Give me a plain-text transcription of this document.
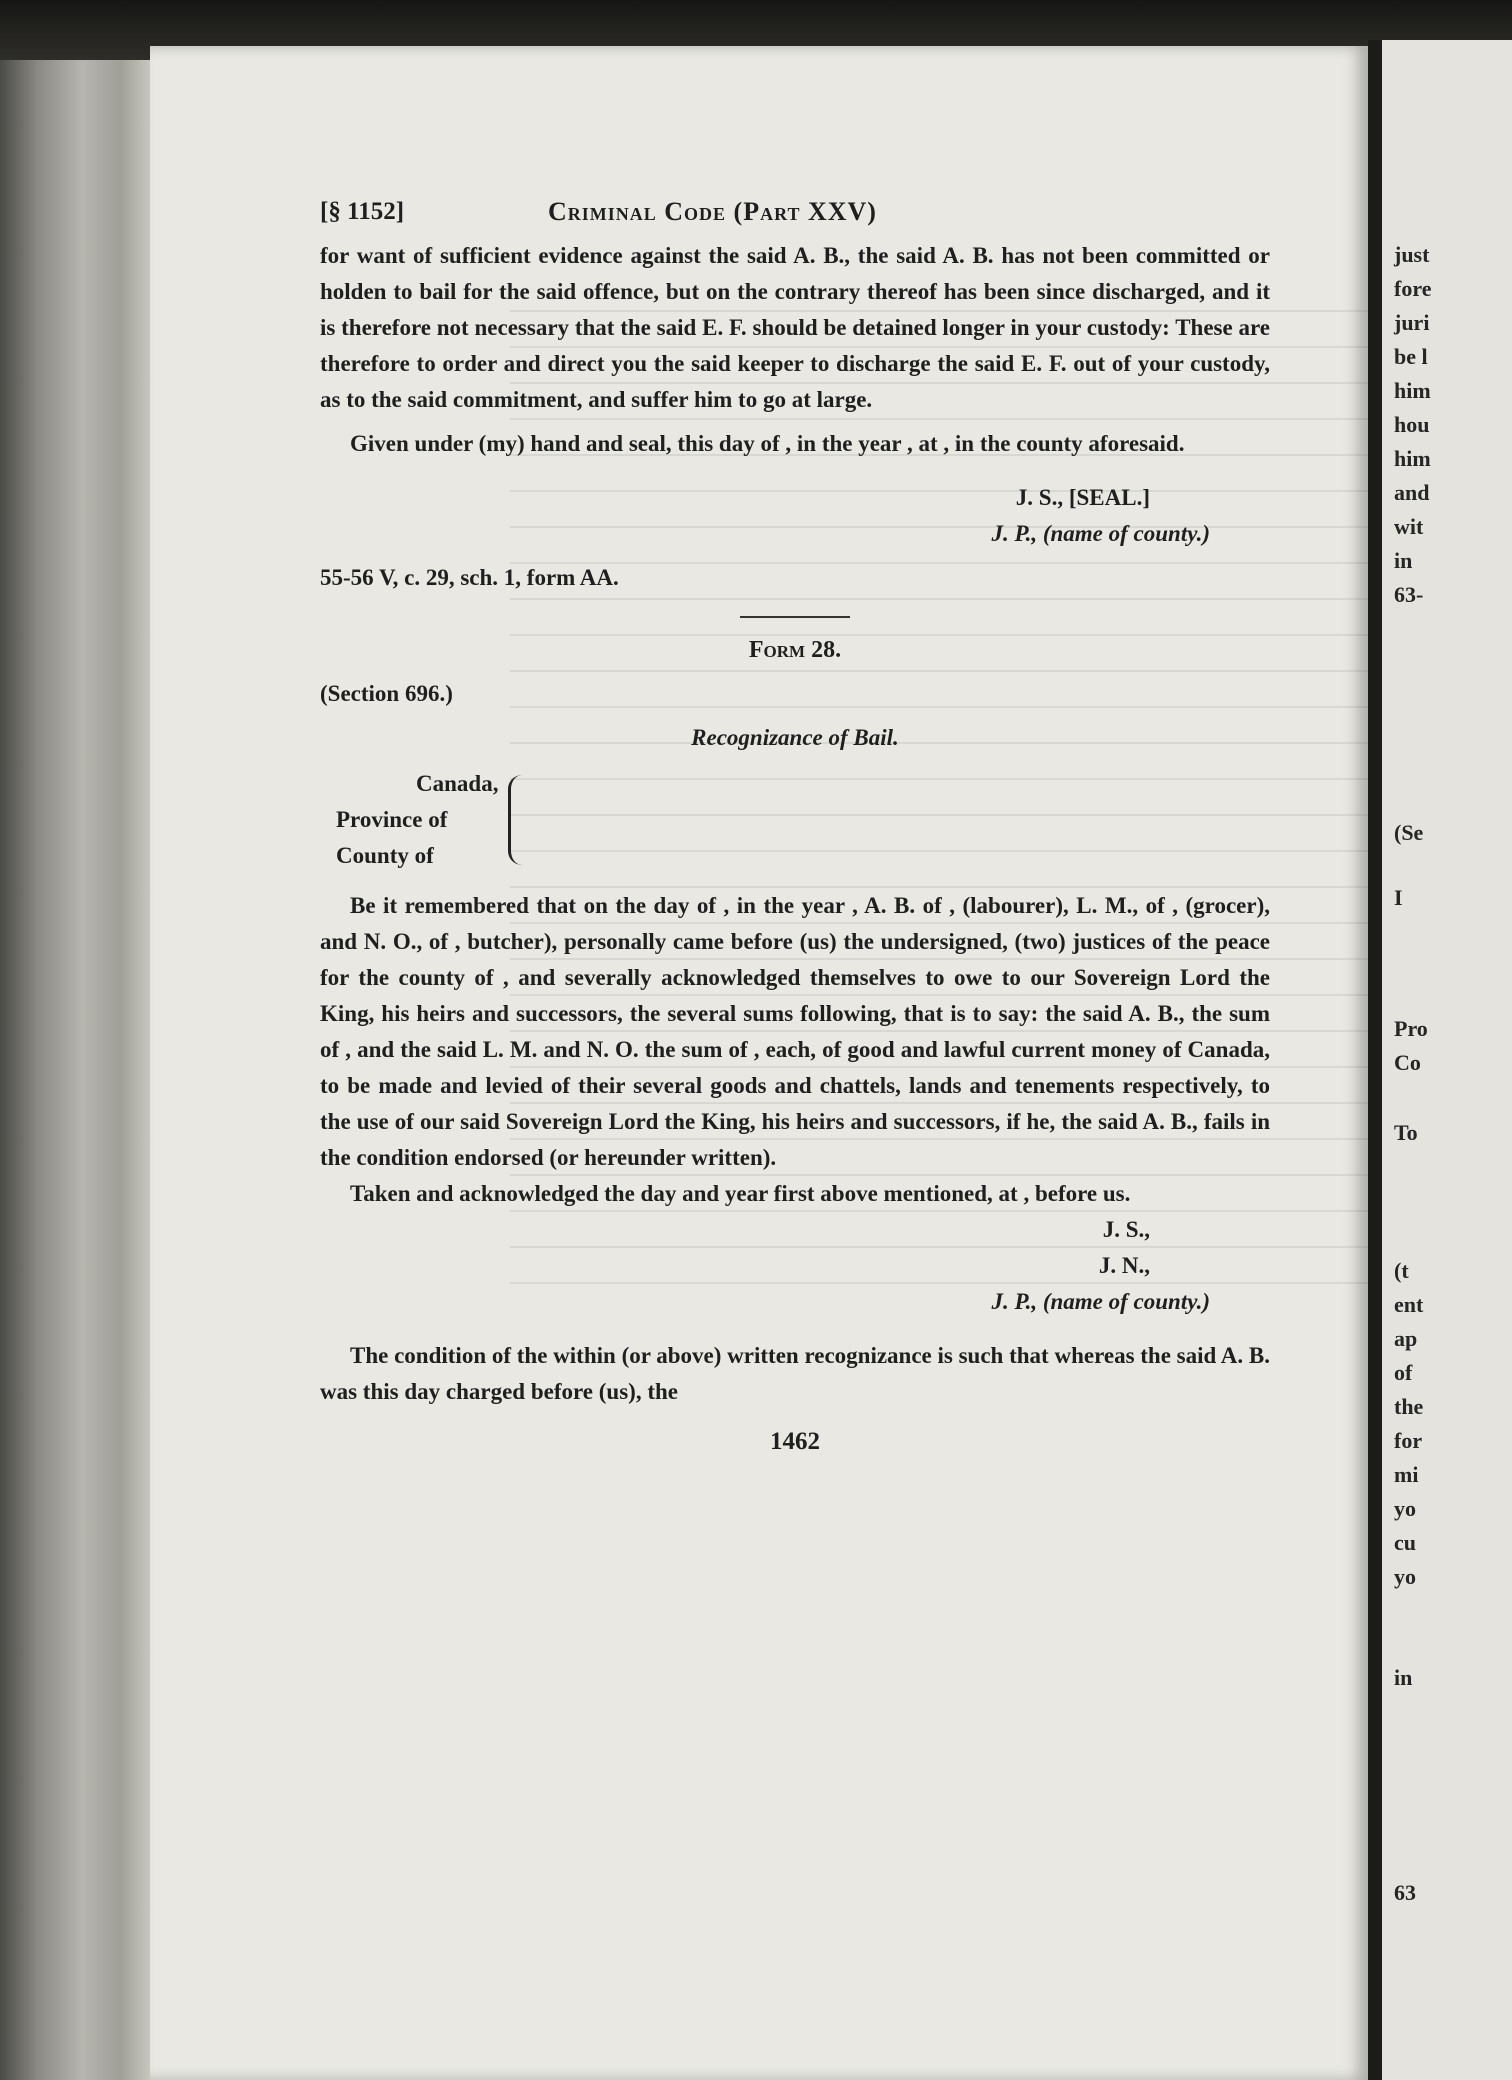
just
fore
juri
be l
him
hou
him
and
wit
in
63-
(Se
I
Pro
Co
To
(t
ent
ap
of
the
for
mi
yo
cu
yo
in
63
[§ 1152]	Criminal Code (Part XXV)

for want of sufficient evidence against the said A. B., the said A. B. has not been committed or holden to bail for the said offence, but on the contrary thereof has been since discharged, and it is therefore not necessary that the said E. F. should be detained longer in your custody: These are therefore to order and direct you the said keeper to discharge the said E. F. out of your custody, as to the said commitment, and suffer him to go at large.

Given under (my) hand and seal, this day of , in the year , at , in the county aforesaid.

J. S., [SEAL.]

J. P., (name of county.)

55-56 V, c. 29, sch. 1, form AA.

Form 28.

(Section 696.)

Recognizance of Bail.

Canada,
Province of
County of

Be it remembered that on the day of , in the year , A. B. of , (labourer), L. M., of , (grocer), and N. O., of , butcher), personally came before (us) the undersigned, (two) justices of the peace for the county of , and severally acknowledged themselves to owe to our Sovereign Lord the King, his heirs and successors, the several sums following, that is to say: the said A. B., the sum of , and the said L. M. and N. O. the sum of , each, of good and lawful current money of Canada, to be made and levied of their several goods and chattels, lands and tenements respectively, to the use of our said Sovereign Lord the King, his heirs and successors, if he, the said A. B., fails in the condition endorsed (or hereunder written).

Taken and acknowledged the day and year first above mentioned, at , before us.

J. S.,

J. N.,

J. P., (name of county.)

The condition of the within (or above) written recognizance is such that whereas the said A. B. was this day charged before (us), the

1462
